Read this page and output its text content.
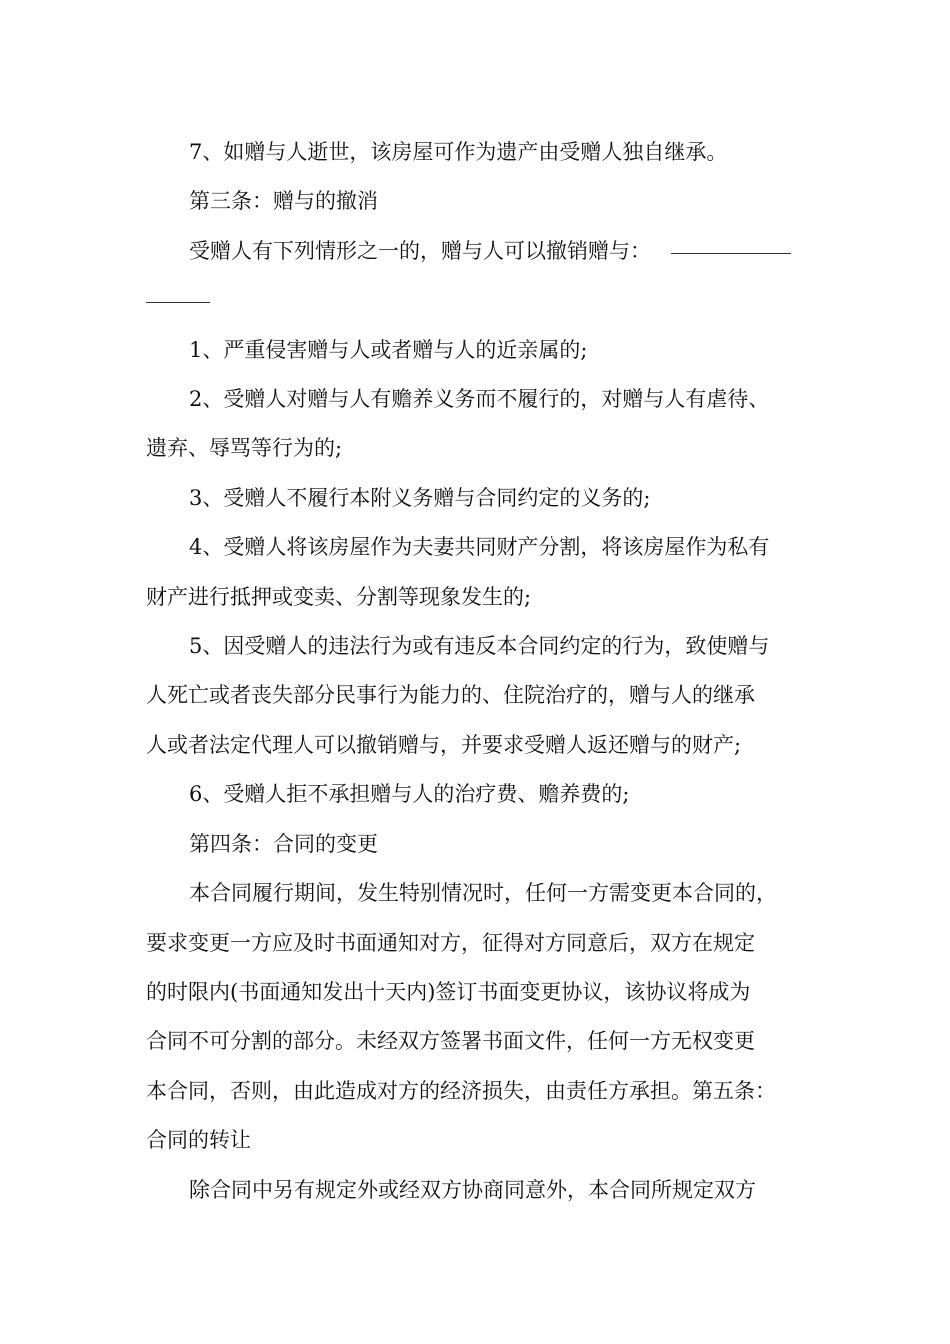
7、如赠与人逝世，该房屋可作为遗产由受赠人独自继承。

第三条：赠与的撤消

受赠人有下列情形之一的，赠与人可以撤销赠与：

1、严重侵害赠与人或者赠与人的近亲属的;

2、受赠人对赠与人有赡养义务而不履行的，对赠与人有虐待、
遗弃、辱骂等行为的;

3、受赠人不履行本附义务赠与合同约定的义务的;

4、受赠人将该房屋作为夫妻共同财产分割，将该房屋作为私有
财产进行抵押或变卖、分割等现象发生的;

5、因受赠人的违法行为或有违反本合同约定的行为，致使赠与
人死亡或者丧失部分民事行为能力的、住院治疗的，赠与人的继承
人或者法定代理人可以撤销赠与，并要求受赠人返还赠与的财产;

6、受赠人拒不承担赠与人的治疗费、赡养费的;

第四条：合同的变更

本合同履行期间，发生特别情况时，任何一方需变更本合同的，
要求变更一方应及时书面通知对方，征得对方同意后，双方在规定
的时限内(书面通知发出十天内)签订书面变更协议，该协议将成为
合同不可分割的部分。未经双方签署书面文件，任何一方无权变更
本合同，否则，由此造成对方的经济损失，由责任方承担。第五条：
合同的转让

除合同中另有规定外或经双方协商同意外，本合同所规定双方
